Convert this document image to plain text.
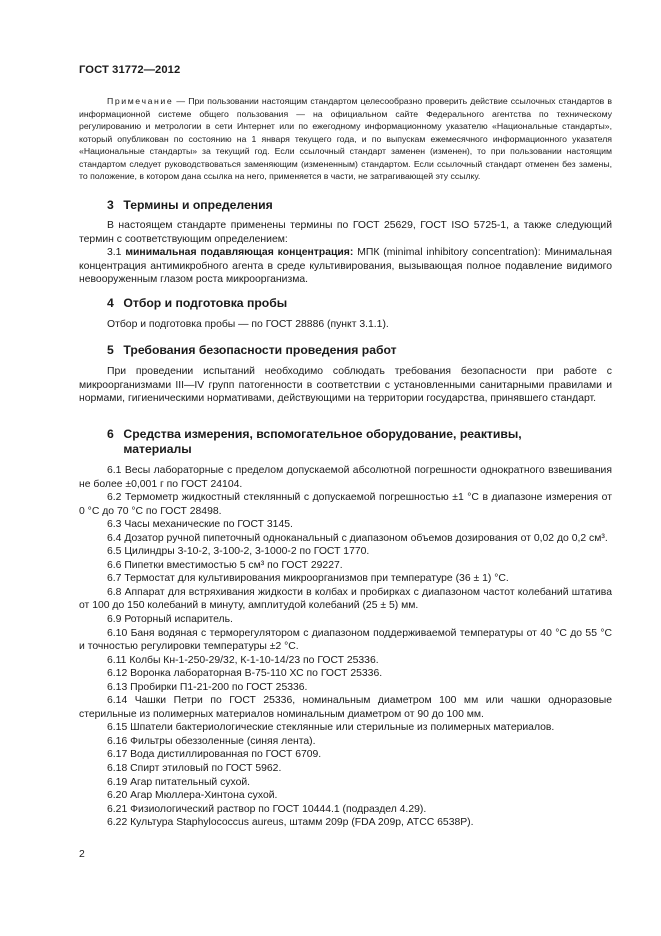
ГОСТ 31772—2012
Примечание — При пользовании настоящим стандартом целесообразно проверить действие ссылочных стандартов в информационной системе общего пользования — на официальном сайте Федерального агентства по техническому регулированию и метрологии в сети Интернет или по ежегодному информационному указателю «Национальные стандарты», который опубликован по состоянию на 1 января текущего года, и по выпускам ежемесячного информационного указателя «Национальные стандарты» за текущий год. Если ссылочный стандарт заменен (изменен), то при пользовании настоящим стандартом следует руководствоваться заменяющим (измененным) стандартом. Если ссылочный стандарт отменен без замены, то положение, в котором дана ссылка на него, применяется в части, не затрагивающей эту ссылку.
3 Термины и определения

В настоящем стандарте применены термины по ГОСТ 25629, ГОСТ ISO 5725-1, а также следующий термин с соответствующим определением:

3.1 минимальная подавляющая концентрация: МПК (minimal inhibitory concentration): Минимальная концентрация антимикробного агента в среде культивирования, вызывающая полное подавление видимого невооруженным глазом роста микроорганизма.

4 Отбор и подготовка пробы

Отбор и подготовка пробы — по ГОСТ 28886 (пункт 3.1.1).

5 Требования безопасности проведения работ

При проведении испытаний необходимо соблюдать требования безопасности при работе с микроорганизмами III—IV групп патогенности в соответствии с установленными санитарными правилами и нормами, гигиеническими нормативами, действующими на территории государства, принявшего стандарт.

6 Средства измерения, вспомогательное оборудование, реактивы,
материалы

6.1 Весы лабораторные с пределом допускаемой абсолютной погрешности однократного взвешивания не более ±0,001 г по ГОСТ 24104.

6.2 Термометр жидкостный стеклянный с допускаемой погрешностью ±1 °С в диапазоне измерения от 0 °С до 70 °С по ГОСТ 28498.

6.3 Часы механические по ГОСТ 3145.

6.4 Дозатор ручной пипеточный одноканальный с диапазоном объемов дозирования от 0,02 до 0,2 см³.

6.5 Цилиндры 3-10-2, 3-100-2, 3-1000-2 по ГОСТ 1770.

6.6 Пипетки вместимостью 5 см³ по ГОСТ 29227.

6.7 Термостат для культивирования микроорганизмов при температуре (36 ± 1) °С.

6.8 Аппарат для встряхивания жидкости в колбах и пробирках с диапазоном частот колебаний штатива от 100 до 150 колебаний в минуту, амплитудой колебаний (25 ± 5) мм.

6.9 Роторный испаритель.

6.10 Баня водяная с терморегулятором с диапазоном поддерживаемой температуры от 40 °С до 55 °С и точностью регулировки температуры ±2 °С.

6.11 Колбы Кн-1-250-29/32, К-1-10-14/23 по ГОСТ 25336.

6.12 Воронка лабораторная В-75-110 ХС по ГОСТ 25336.

6.13 Пробирки П1-21-200 по ГОСТ 25336.

6.14 Чашки Петри по ГОСТ 25336, номинальным диаметром 100 мм или чашки одноразовые стерильные из полимерных материалов номинальным диаметром от 90 до 100 мм.

6.15 Шпатели бактериологические стеклянные или стерильные из полимерных материалов.

6.16 Фильтры обеззоленные (синяя лента).

6.17 Вода дистиллированная по ГОСТ 6709.

6.18 Спирт этиловый по ГОСТ 5962.

6.19 Агар питательный сухой.

6.20 Агар Мюллера-Хинтона сухой.

6.21 Физиологический раствор по ГОСТ 10444.1 (подраздел 4.29).

6.22 Культура Staphylococcus aureus, штамм 209р (FDA 209р, АТСС 6538Р).

2
